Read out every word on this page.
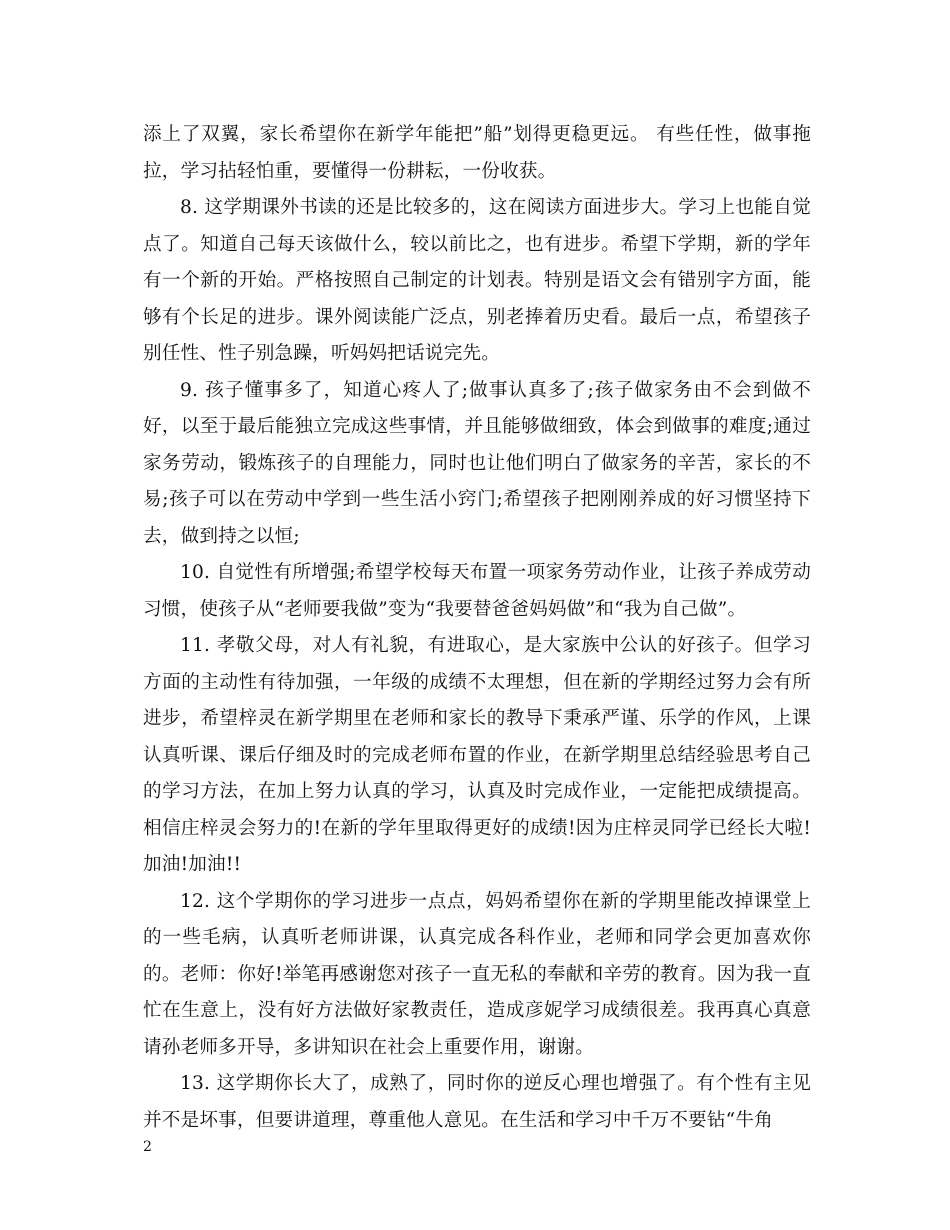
添上了双翼，家长希望你在新学年能把”船”划得更稳更远。 有些任性，做事拖拉，学习拈轻怕重，要懂得一份耕耘，一份收获。

8. 这学期课外书读的还是比较多的，这在阅读方面进步大。学习上也能自觉点了。知道自己每天该做什么，较以前比之，也有进步。希望下学期，新的学年有一个新的开始。严格按照自己制定的计划表。特别是语文会有错别字方面，能够有个长足的进步。课外阅读能广泛点，别老捧着历史看。最后一点，希望孩子别任性、性子别急躁，听妈妈把话说完先。

9. 孩子懂事多了，知道心疼人了;做事认真多了;孩子做家务由不会到做不好，以至于最后能独立完成这些事情，并且能够做细致，体会到做事的难度;通过家务劳动，锻炼孩子的自理能力，同时也让他们明白了做家务的辛苦，家长的不易;孩子可以在劳动中学到一些生活小窍门;希望孩子把刚刚养成的好习惯坚持下去，做到持之以恒;

10. 自觉性有所增强;希望学校每天布置一项家务劳动作业，让孩子养成劳动习惯，使孩子从“老师要我做”变为“我要替爸爸妈妈做”和“我为自己做”。

11. 孝敬父母，对人有礼貌，有进取心，是大家族中公认的好孩子。但学习方面的主动性有待加强，一年级的成绩不太理想，但在新的学期经过努力会有所进步，希望梓灵在新学期里在老师和家长的教导下秉承严谨、乐学的作风，上课认真听课、课后仔细及时的完成老师布置的作业，在新学期里总结经验思考自己的学习方法，在加上努力认真的学习，认真及时完成作业，一定能把成绩提高。相信庄梓灵会努力的!在新的学年里取得更好的成绩!因为庄梓灵同学已经长大啦!加油!加油!!

12. 这个学期你的学习进步一点点，妈妈希望你在新的学期里能改掉课堂上的一些毛病，认真听老师讲课，认真完成各科作业，老师和同学会更加喜欢你的。老师：你好!举笔再感谢您对孩子一直无私的奉献和辛劳的教育。因为我一直忙在生意上，没有好方法做好家教责任，造成彦妮学习成绩很差。我再真心真意请孙老师多开导，多讲知识在社会上重要作用，谢谢。

13. 这学期你长大了，成熟了，同时你的逆反心理也增强了。有个性有主见并不是坏事，但要讲道理，尊重他人意见。在生活和学习中千万不要钻“牛角

2
